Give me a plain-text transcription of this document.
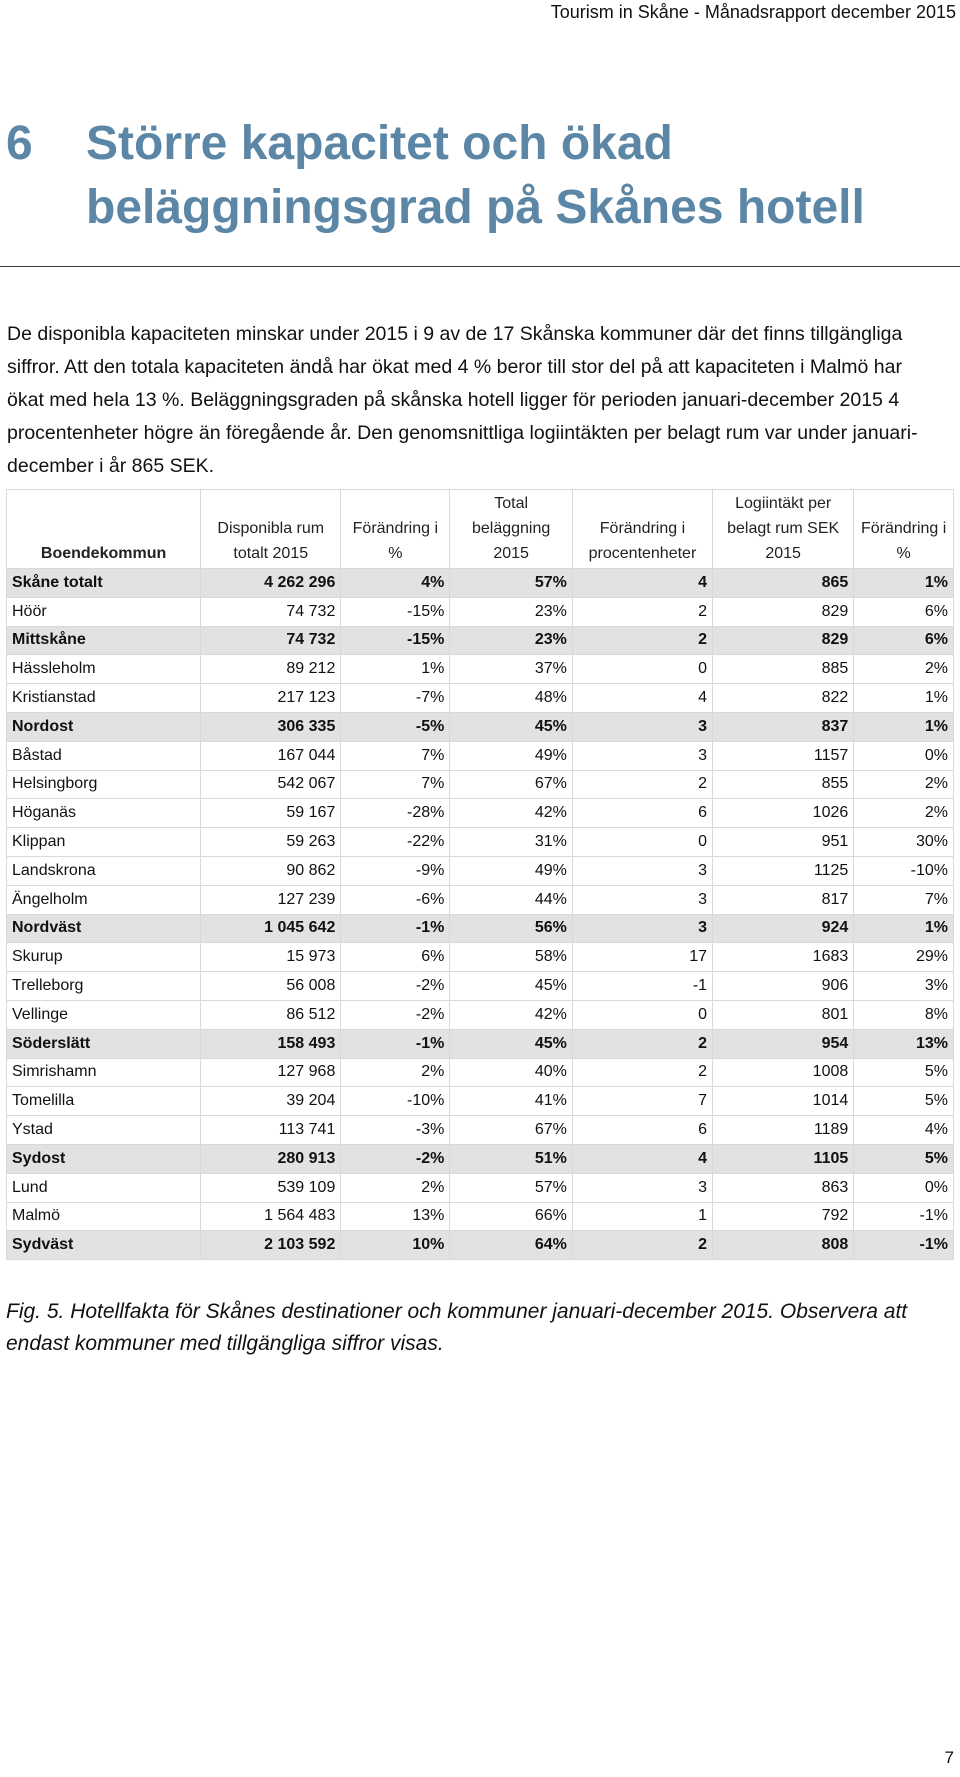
Tourism in Skåne - Månadsrapport december 2015
6 Större kapacitet och ökad beläggningsgrad på Skånes hotell

De disponibla kapaciteten minskar under 2015 i 9 av de 17 Skånska kommuner där det finns tillgängliga siffror. Att den totala kapaciteten ändå har ökat med 4 % beror till stor del på att kapaciteten i Malmö har ökat med hela 13 %. Beläggningsgraden på skånska hotell ligger för perioden januari-december 2015 4 procentenheter högre än föregående år. Den genomsnittliga logiintäkten per belagt rum var under januari-december i år 865 SEK.

Boendekommun	Disponibla rum totalt 2015	Förändring i %	Total beläggning 2015	Förändring i procentenheter	Logiintäkt per belagt rum SEK 2015	Förändring i %
Skåne totalt	4 262 296	4%	57%	4	865	1%
Höör	74 732	-15%	23%	2	829	6%
Mittskåne	74 732	-15%	23%	2	829	6%
Hässleholm	89 212	1%	37%	0	885	2%
Kristianstad	217 123	-7%	48%	4	822	1%
Nordost	306 335	-5%	45%	3	837	1%
Båstad	167 044	7%	49%	3	1157	0%
Helsingborg	542 067	7%	67%	2	855	2%
Höganäs	59 167	-28%	42%	6	1026	2%
Klippan	59 263	-22%	31%	0	951	30%
Landskrona	90 862	-9%	49%	3	1125	-10%
Ängelholm	127 239	-6%	44%	3	817	7%
Nordväst	1 045 642	-1%	56%	3	924	1%
Skurup	15 973	6%	58%	17	1683	29%
Trelleborg	56 008	-2%	45%	-1	906	3%
Vellinge	86 512	-2%	42%	0	801	8%
Söderslätt	158 493	-1%	45%	2	954	13%
Simrishamn	127 968	2%	40%	2	1008	5%
Tomelilla	39 204	-10%	41%	7	1014	5%
Ystad	113 741	-3%	67%	6	1189	4%
Sydost	280 913	-2%	51%	4	1105	5%
Lund	539 109	2%	57%	3	863	0%
Malmö	1 564 483	13%	66%	1	792	-1%
Sydväst	2 103 592	10%	64%	2	808	-1%

Fig. 5. Hotellfakta för Skånes destinationer och kommuner januari-december 2015. Observera att endast kommuner med tillgängliga siffror visas.

7
